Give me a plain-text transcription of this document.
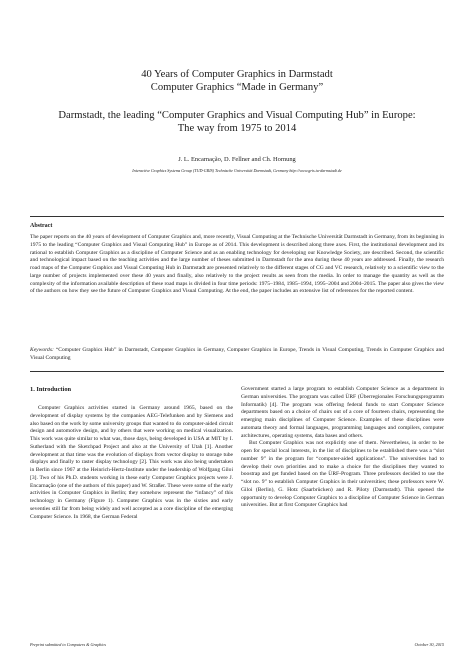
40 Years of Computer Graphics in Darmstadt
Computer Graphics “Made in Germany”
Darmstadt, the leading “Computer Graphics and Visual Computing Hub” in Europe:
The way from 1975 to 2014
J. L. Encarnação, D. Fellner and Ch. Hornung
Interactive Graphics Systems Group (TUD-GRIS) Technische Universität Darmstadt, Germany http://www.gris.tu-darmstadt.de
Abstract
The paper reports on the 40 years of development of Computer Graphics and, more recently, Visual Computing at the Technische Universität Darmstadt in Germany, from its beginning in 1975 to the leading “Computer Graphics and Visual Computing Hub” in Europe as of 2014. This development is described along three axes. First, the institutional development and its rational to establish Computer Graphics as a discipline of Computer Science and as an enabling technology for developing our Knowledge Society, are described. Second, the scientific and technological impact based on the teaching activities and the large number of theses submitted in Darmstadt for the area during these 40 years are addressed. Finally, the research road maps of the Computer Graphics and Visual Computing Hub in Darmstadt are presented relatively to the different stages of CG and VC research, relatively to a scientific view to the large number of projects implemented over these 40 years and finally, also relatively to the project results as seen from the media. In order to manage the quantity as well as the complexity of the information available description of these road maps is divided in four time periods: 1975–1984, 1985–1994, 1995–2004 and 2004–2015. The paper also gives the view of the authors on how they see the future of Computer Graphics and Visual Computing. At the end, the paper includes an extensive list of references for the reported content.
Keywords: “Computer Graphics Hub” in Darmstadt, Computer Graphics in Germany, Computer Graphics in Europe, Trends in Visual Computing, Trends in Computer Graphics and Visual Computing
1. Introduction
Computer Graphics activities started in Germany around 1965, based on the development of display systems by the companies AEG-Telefunken and by Siemens and also based on the work by some university groups that wanted to do computer-aided circuit design and automotive design, and by others that were working on medical visualization. This work was quite similar to what was, those days, being developed in USA at MIT by I. Sutherland with the Sketchpad Project and also at the University of Utah [1]. Another development at that time was the evolution of displays from vector display to storage tube displays and finally to raster display technology [2]. This work was also being undertaken in Berlin since 1967 at the Heinrich-Hertz-Institute under the leadership of Wolfgang Giloi [3]. Two of his Ph.D. students working in these early Computer Graphics projects were J. Encarnação (one of the authors of this paper) and W. Straßer. These were some of the early activities in Computer Graphics in Berlin; they somehow represent the “infancy” of this technology in Germany (Figure 1). Computer Graphics was in the sixties and early seventies still far from being widely and well accepted as a core discipline of the emerging Computer Science. In 1968, the German Federal

Government started a large program to establish Computer Science as a department in German universities. The program was called ÜRF (Überregionales Forschungsprogramm Informatik) [4]. The program was offering federal funds to start Computer Science departments based on a choice of chairs out of a core of fourteen chairs, representing the emerging main disciplines of Computer Science. Examples of these disciplines were automata theory and formal languages, programming languages and compilers, computer architectures, operating systems, data bases and others.

But Computer Graphics was not explicitly one of them. Nevertheless, in order to be open for special local interests, in the list of disciplines to be established there was a “slot number 9” in the program for “computer-aided applications”. The universities had to develop their own priorities and to make a choice for the disciplines they wanted to boostrap and get funded based on the ÜRF-Program. Three professors decided to use the “slot no. 9” to establish Computer Graphics in their universities; these professors were W. Giloi (Berlin), G. Hotz (Saarbrücken) and R. Piloty (Darmstadt). This opened the opportunity to develop Computer Graphics to a discipline of Computer Science in German universities. But at first Computer Graphics had

Preprint submitted to Computers & Graphics	October 30, 2015
